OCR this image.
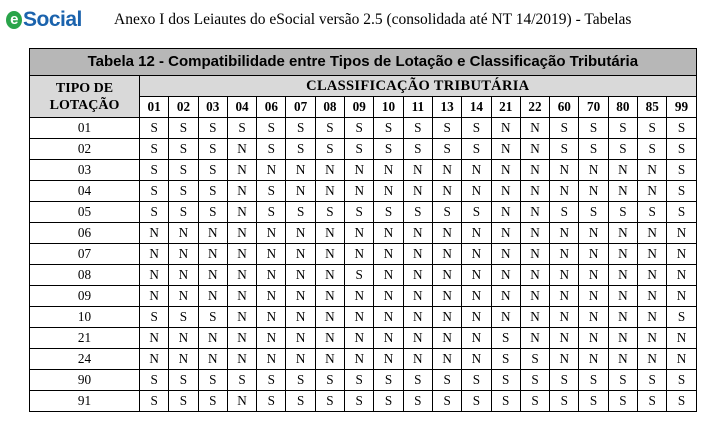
e Social Anexo I dos Leiautes do eSocial versão 2.5 (consolidada até NT 14/2019) - Tabelas
Tabela 12 - Compatibilidade entre Tipos de Lotação e Classificação Tributária																			

TIPO DE
LOTAÇÃO	CLASSIFICAÇÃO TRIBUTÁRIA																		
	01	02	03	04	06	07	08	09	10	11	13	14	21	22	60	70	80	85	99
01	S	S	S	S	S	S	S	S	S	S	S	S	N	N	S	S	S	S	S
02	S	S	S	N	S	S	S	S	S	S	S	S	N	N	S	S	S	S	S
03	S	S	S	N	N	N	N	N	N	N	N	N	N	N	N	N	N	N	S
04	S	S	S	N	S	N	N	N	N	N	N	N	N	N	N	N	N	N	S
05	S	S	S	N	S	S	S	S	S	S	S	S	N	N	S	S	S	S	S
06	N	N	N	N	N	N	N	N	N	N	N	N	N	N	N	N	N	N	N
07	N	N	N	N	N	N	N	N	N	N	N	N	N	N	N	N	N	N	N
08	N	N	N	N	N	N	N	S	N	N	N	N	N	N	N	N	N	N	N
09	N	N	N	N	N	N	N	N	N	N	N	N	N	N	N	N	N	N	N
10	S	S	S	N	N	N	N	N	N	N	N	N	N	N	N	N	N	N	S
21	N	N	N	N	N	N	N	N	N	N	N	N	S	N	N	N	N	N	N
24	N	N	N	N	N	N	N	N	N	N	N	N	S	S	N	N	N	N	N
90	S	S	S	S	S	S	S	S	S	S	S	S	S	S	S	S	S	S	S
91	S	S	S	N	S	S	S	S	S	S	S	S	S	S	S	S	S	S	S
